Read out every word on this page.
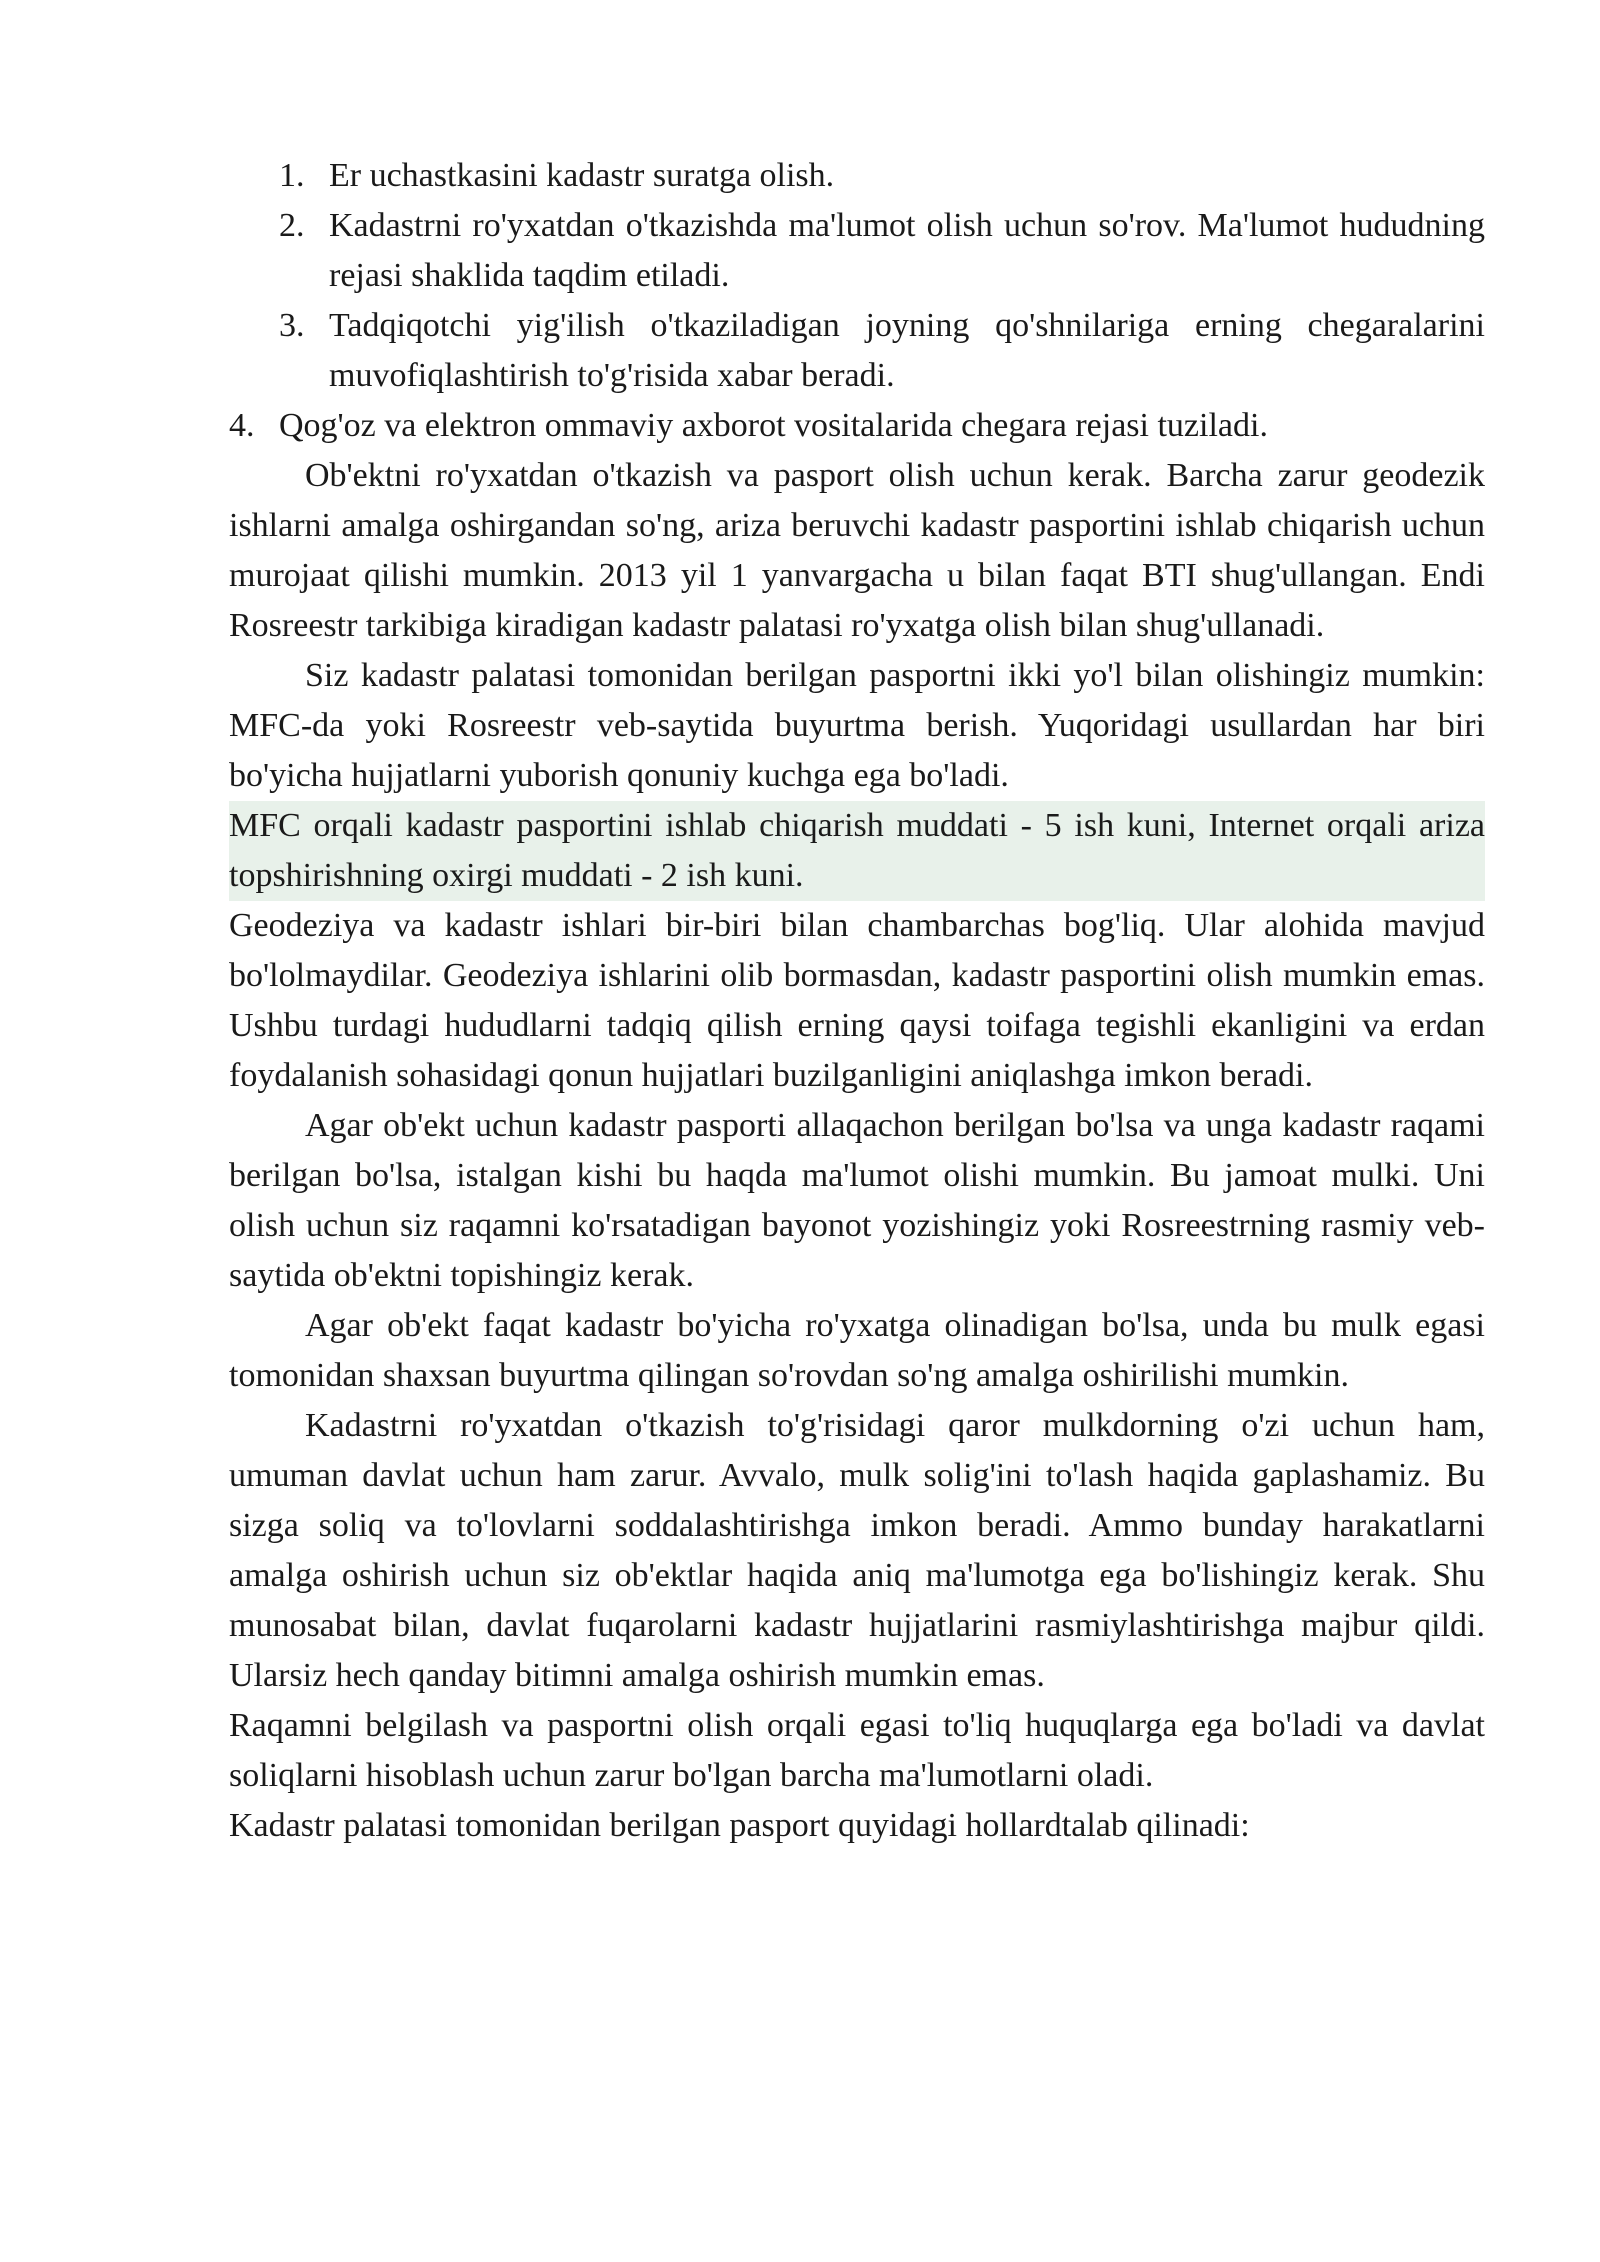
1. Er uchastkasini kadastr suratga olish.

2. Kadastrni ro'yxatdan o'tkazishda ma'lumot olish uchun so'rov. Ma'lumot hududning rejasi shaklida taqdim etiladi.

3. Tadqiqotchi yig'ilish o'tkaziladigan joyning qo'shnilariga erning chegaralarini muvofiqlashtirish to'g'risida xabar beradi.

4. Qog'oz va elektron ommaviy axborot vositalarida chegara rejasi tuziladi.

Ob'ektni ro'yxatdan o'tkazish va pasport olish uchun kerak. Barcha zarur geodezik ishlarni amalga oshirgandan so'ng, ariza beruvchi kadastr pasportini ishlab chiqarish uchun murojaat qilishi mumkin. 2013 yil 1 yanvargacha u bilan faqat BTI shug'ullangan. Endi Rosreestr tarkibiga kiradigan kadastr palatasi ro'yxatga olish bilan shug'ullanadi.

Siz kadastr palatasi tomonidan berilgan pasportni ikki yo'l bilan olishingiz mumkin: MFC-da yoki Rosreestr veb-saytida buyurtma berish. Yuqoridagi usullardan har biri bo'yicha hujjatlarni yuborish qonuniy kuchga ega bo'ladi.

MFC orqali kadastr pasportini ishlab chiqarish muddati - 5 ish kuni, Internet orqali ariza topshirishning oxirgi muddati - 2 ish kuni.

Geodeziya va kadastr ishlari bir-biri bilan chambarchas bog'liq. Ular alohida mavjud bo'lolmaydilar. Geodeziya ishlarini olib bormasdan, kadastr pasportini olish mumkin emas. Ushbu turdagi hududlarni tadqiq qilish erning qaysi toifaga tegishli ekanligini va erdan foydalanish sohasidagi qonun hujjatlari buzilganligini aniqlashga imkon beradi.

Agar ob'ekt uchun kadastr pasporti allaqachon berilgan bo'lsa va unga kadastr raqami berilgan bo'lsa, istalgan kishi bu haqda ma'lumot olishi mumkin. Bu jamoat mulki. Uni olish uchun siz raqamni ko'rsatadigan bayonot yozishingiz yoki Rosreestrning rasmiy veb-saytida ob'ektni topishingiz kerak.

Agar ob'ekt faqat kadastr bo'yicha ro'yxatga olinadigan bo'lsa, unda bu mulk egasi tomonidan shaxsan buyurtma qilingan so'rovdan so'ng amalga oshirilishi mumkin.

Kadastrni ro'yxatdan o'tkazish to'g'risidagi qaror mulkdorning o'zi uchun ham, umuman davlat uchun ham zarur. Avvalo, mulk solig'ini to'lash haqida gaplashamiz. Bu sizga soliq va to'lovlarni soddalashtirishga imkon beradi. Ammo bunday harakatlarni amalga oshirish uchun siz ob'ektlar haqida aniq ma'lumotga ega bo'lishingiz kerak. Shu munosabat bilan, davlat fuqarolarni kadastr hujjatlarini rasmiylashtirishga majbur qildi. Ularsiz hech qanday bitimni amalga oshirish mumkin emas.

Raqamni belgilash va pasportni olish orqali egasi to'liq huquqlarga ega bo'ladi va davlat soliqlarni hisoblash uchun zarur bo'lgan barcha ma'lumotlarni oladi.

Kadastr palatasi tomonidan berilgan pasport quyidagi hollardtalab qilinadi:
